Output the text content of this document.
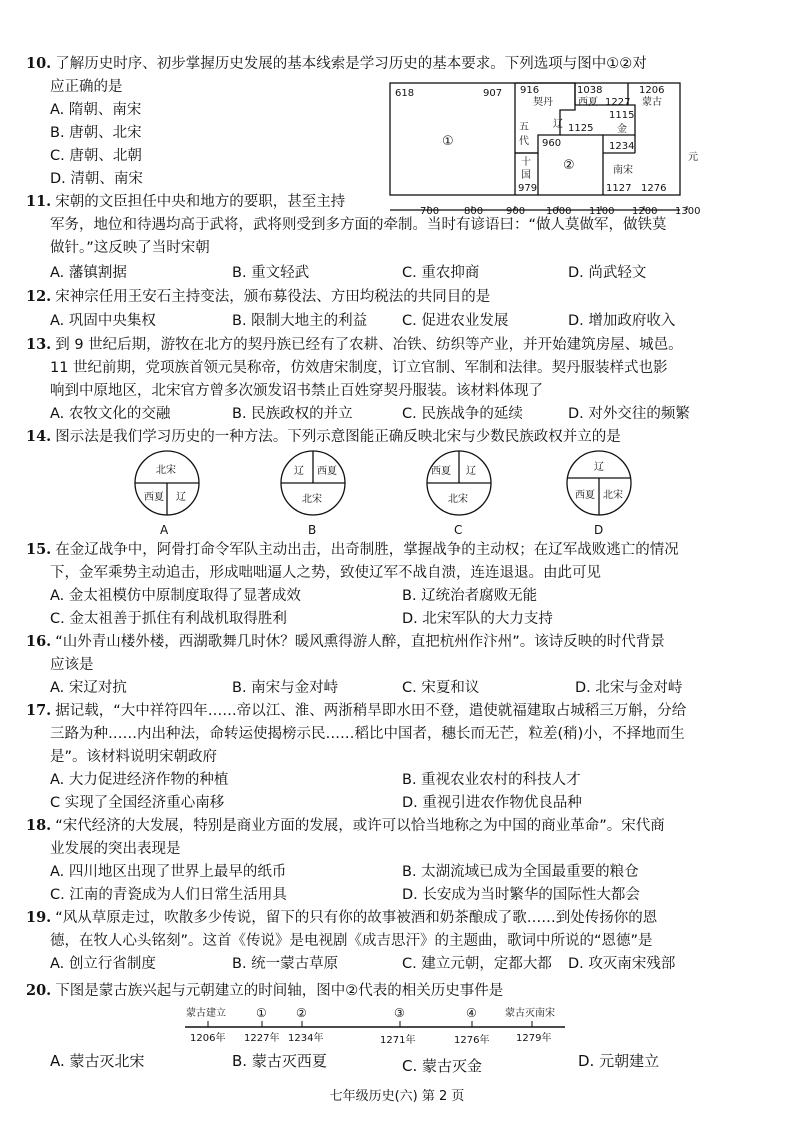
10. 了解历史时序、初步掌握历史发展的基本线索是学习历史的基本要求。下列选项与图中①②对
应正确的是
A. 隋朝、南宋
B. 唐朝、北宋
C. 唐朝、北朝
D. 清朝、南宋
618	907 916
契丹
1038
西夏 1227
1206
蒙古
辽 1125
1115
金
1234
五
代
十
国
979
960
①
②	南宋
1127 1276
元
700 800 900 1000 1100 1200 1300
11. 宋朝的文臣担任中央和地方的要职，甚至主持
军务，地位和待遇均高于武将，武将则受到多方面的牵制。当时有谚语曰：“做人莫做军，做铁莫
做针。”这反映了当时宋朝
A. 藩镇割据	B. 重文轻武	C. 重农抑商	D. 尚武轻文
12. 宋神宗任用王安石主持变法，颁布募役法、方田均税法的共同目的是
A. 巩固中央集权	B. 限制大地主的利益 C. 促进农业发展	D. 增加政府收入
13. 到 9 世纪后期，游牧在北方的契丹族已经有了农耕、冶铁、纺织等产业，并开始建筑房屋、城邑。
11 世纪前期，党项族首领元昊称帝，仿效唐宋制度，订立官制、军制和法律。契丹服装样式也影
响到中原地区，北宋官方曾多次颁发诏书禁止百姓穿契丹服装。该材料体现了
A. 农牧文化的交融	B. 民族政权的并立	C. 民族战争的延续	D. 对外交往的频繁
14. 图示法是我们学习历史的一种方法。下列示意图能正确反映北宋与少数民族政权并立的是
北宋
西夏 辽
A
辽 西夏
北宋
B
西夏 辽
北宋
C
辽
西夏 北宋
D
15. 在金辽战争中，阿骨打命令军队主动出击，出奇制胜，掌握战争的主动权；在辽军战败逃亡的情况
下，金军乘势主动追击，形成咄咄逼人之势，致使辽军不战自溃，连连退退。由此可见
A. 金太祖模仿中原制度取得了显著成效	B. 辽统治者腐败无能
C. 金太祖善于抓住有利战机取得胜利	D. 北宋军队的大力支持
16. “山外青山楼外楼，西湖歌舞几时休？暖风熏得游人醉，直把杭州作汴州”。该诗反映的时代背景
应该是
A. 宋辽对抗	B. 南宋与金对峙	C. 宋夏和议	D. 北宋与金对峙
17. 据记载，“大中祥符四年……帝以江、淮、两浙稍旱即水田不登，遣使就福建取占城稻三万斛，分给
三路为种……内出种法，命转运使揭榜示民……稻比中国者，穗长而无芒，粒差(稍)小，不择地而生
是”。该材料说明宋朝政府
A. 大力促进经济作物的种植	B. 重视农业农村的科技人才
C 实现了全国经济重心南移	D. 重视引进农作物优良品种
18. “宋代经济的大发展，特别是商业方面的发展，或许可以恰当地称之为中国的商业革命”。宋代商
业发展的突出表现是
A. 四川地区出现了世界上最早的纸币	B. 太湖流域已成为全国最重要的粮仓
C. 江南的青瓷成为人们日常生活用具	D. 长安成为当时繁华的国际性大都会
19. “风从草原走过，吹散多少传说，留下的只有你的故事被酒和奶茶酿成了歌……到处传扬你的恩
德，在牧人心头铭刻”。这首《传说》是电视剧《成吉思汗》的主题曲，歌词中所说的“恩德”是
A. 创立行省制度	B. 统一蒙古草原	C. 建立元朝，定都大都 D. 攻灭南宋残部
20. 下图是蒙古族兴起与元朝建立的时间轴，图中②代表的相关历史事件是
蒙古建立	① ②	③	④	蒙古灭南宋
1206年 1227年 1234年	1271年	1276年	1279年
A. 蒙古灭北宋	B. 蒙古灭西夏	C. 蒙古灭金	D. 元朝建立
七年级历史(六) 第 2 页
